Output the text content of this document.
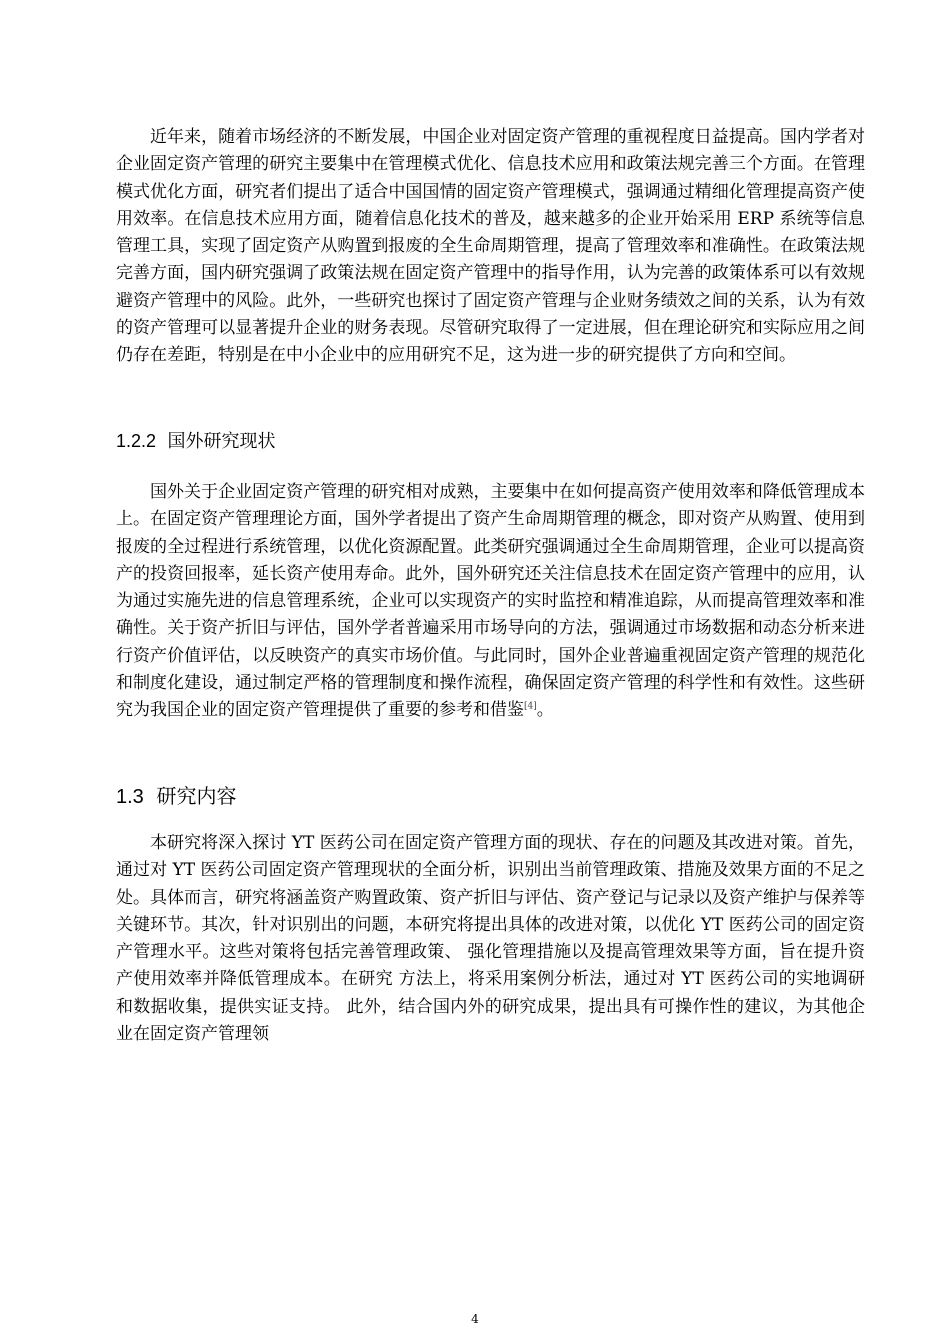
近年来，随着市场经济的不断发展，中国企业对固定资产管理的重视程度日益提高。国内学者对企业固定资产管理的研究主要集中在管理模式优化、信息技术应用和政策法规完善三个方面。在管理模式优化方面，研究者们提出了适合中国国情的固定资产管理模式，强调通过精细化管理提高资产使用效率。在信息技术应用方面，随着信息化技术的普及，越来越多的企业开始采用 ERP 系统等信息管理工具，实现了固定资产从购置到报废的全生命周期管理，提高了管理效率和准确性。在政策法规完善方面，国内研究强调了政策法规在固定资产管理中的指导作用，认为完善的政策体系可以有效规避资产管理中的风险。此外，一些研究也探讨了固定资产管理与企业财务绩效之间的关系，认为有效的资产管理可以显著提升企业的财务表现。尽管研究取得了一定进展，但在理论研究和实际应用之间仍存在差距，特别是在中小企业中的应用研究不足，这为进一步的研究提供了方向和空间。

1.2.2 国外研究现状

国外关于企业固定资产管理的研究相对成熟，主要集中在如何提高资产使用效率和降低管理成本上。在固定资产管理理论方面，国外学者提出了资产生命周期管理的概念，即对资产从购置、使用到报废的全过程进行系统管理，以优化资源配置。此类研究强调通过全生命周期管理，企业可以提高资产的投资回报率，延长资产使用寿命。此外，国外研究还关注信息技术在固定资产管理中的应用，认为通过实施先进的信息管理系统，企业可以实现资产的实时监控和精准追踪，从而提高管理效率和准确性。关于资产折旧与评估，国外学者普遍采用市场导向的方法，强调通过市场数据和动态分析来进行资产价值评估，以反映资产的真实市场价值。与此同时，国外企业普遍重视固定资产管理的规范化和制度化建设，通过制定严格的管理制度和操作流程，确保固定资产管理的科学性和有效性。这些研究为我国企业的固定资产管理提供了重要的参考和借鉴[4]。

1.3 研究内容

本研究将深入探讨 YT 医药公司在固定资产管理方面的现状、存在的问题及其改进对策。首先，通过对 YT 医药公司固定资产管理现状的全面分析，识别出当前管理政策、措施及效果方面的不足之处。具体而言，研究将涵盖资产购置政策、资产折旧与评估、资产登记与记录以及资产维护与保养等关键环节。其次，针对识别出的问题，本研究将提出具体的改进对策，以优化 YT 医药公司的固定资产管理水平。这些对策将包括完善管理政策、 强化管理措施以及提高管理效果等方面，旨在提升资产使用效率并降低管理成本。在研究 方法上，将采用案例分析法，通过对 YT 医药公司的实地调研和数据收集，提供实证支持。 此外，结合国内外的研究成果，提出具有可操作性的建议，为其他企业在固定资产管理领

4
